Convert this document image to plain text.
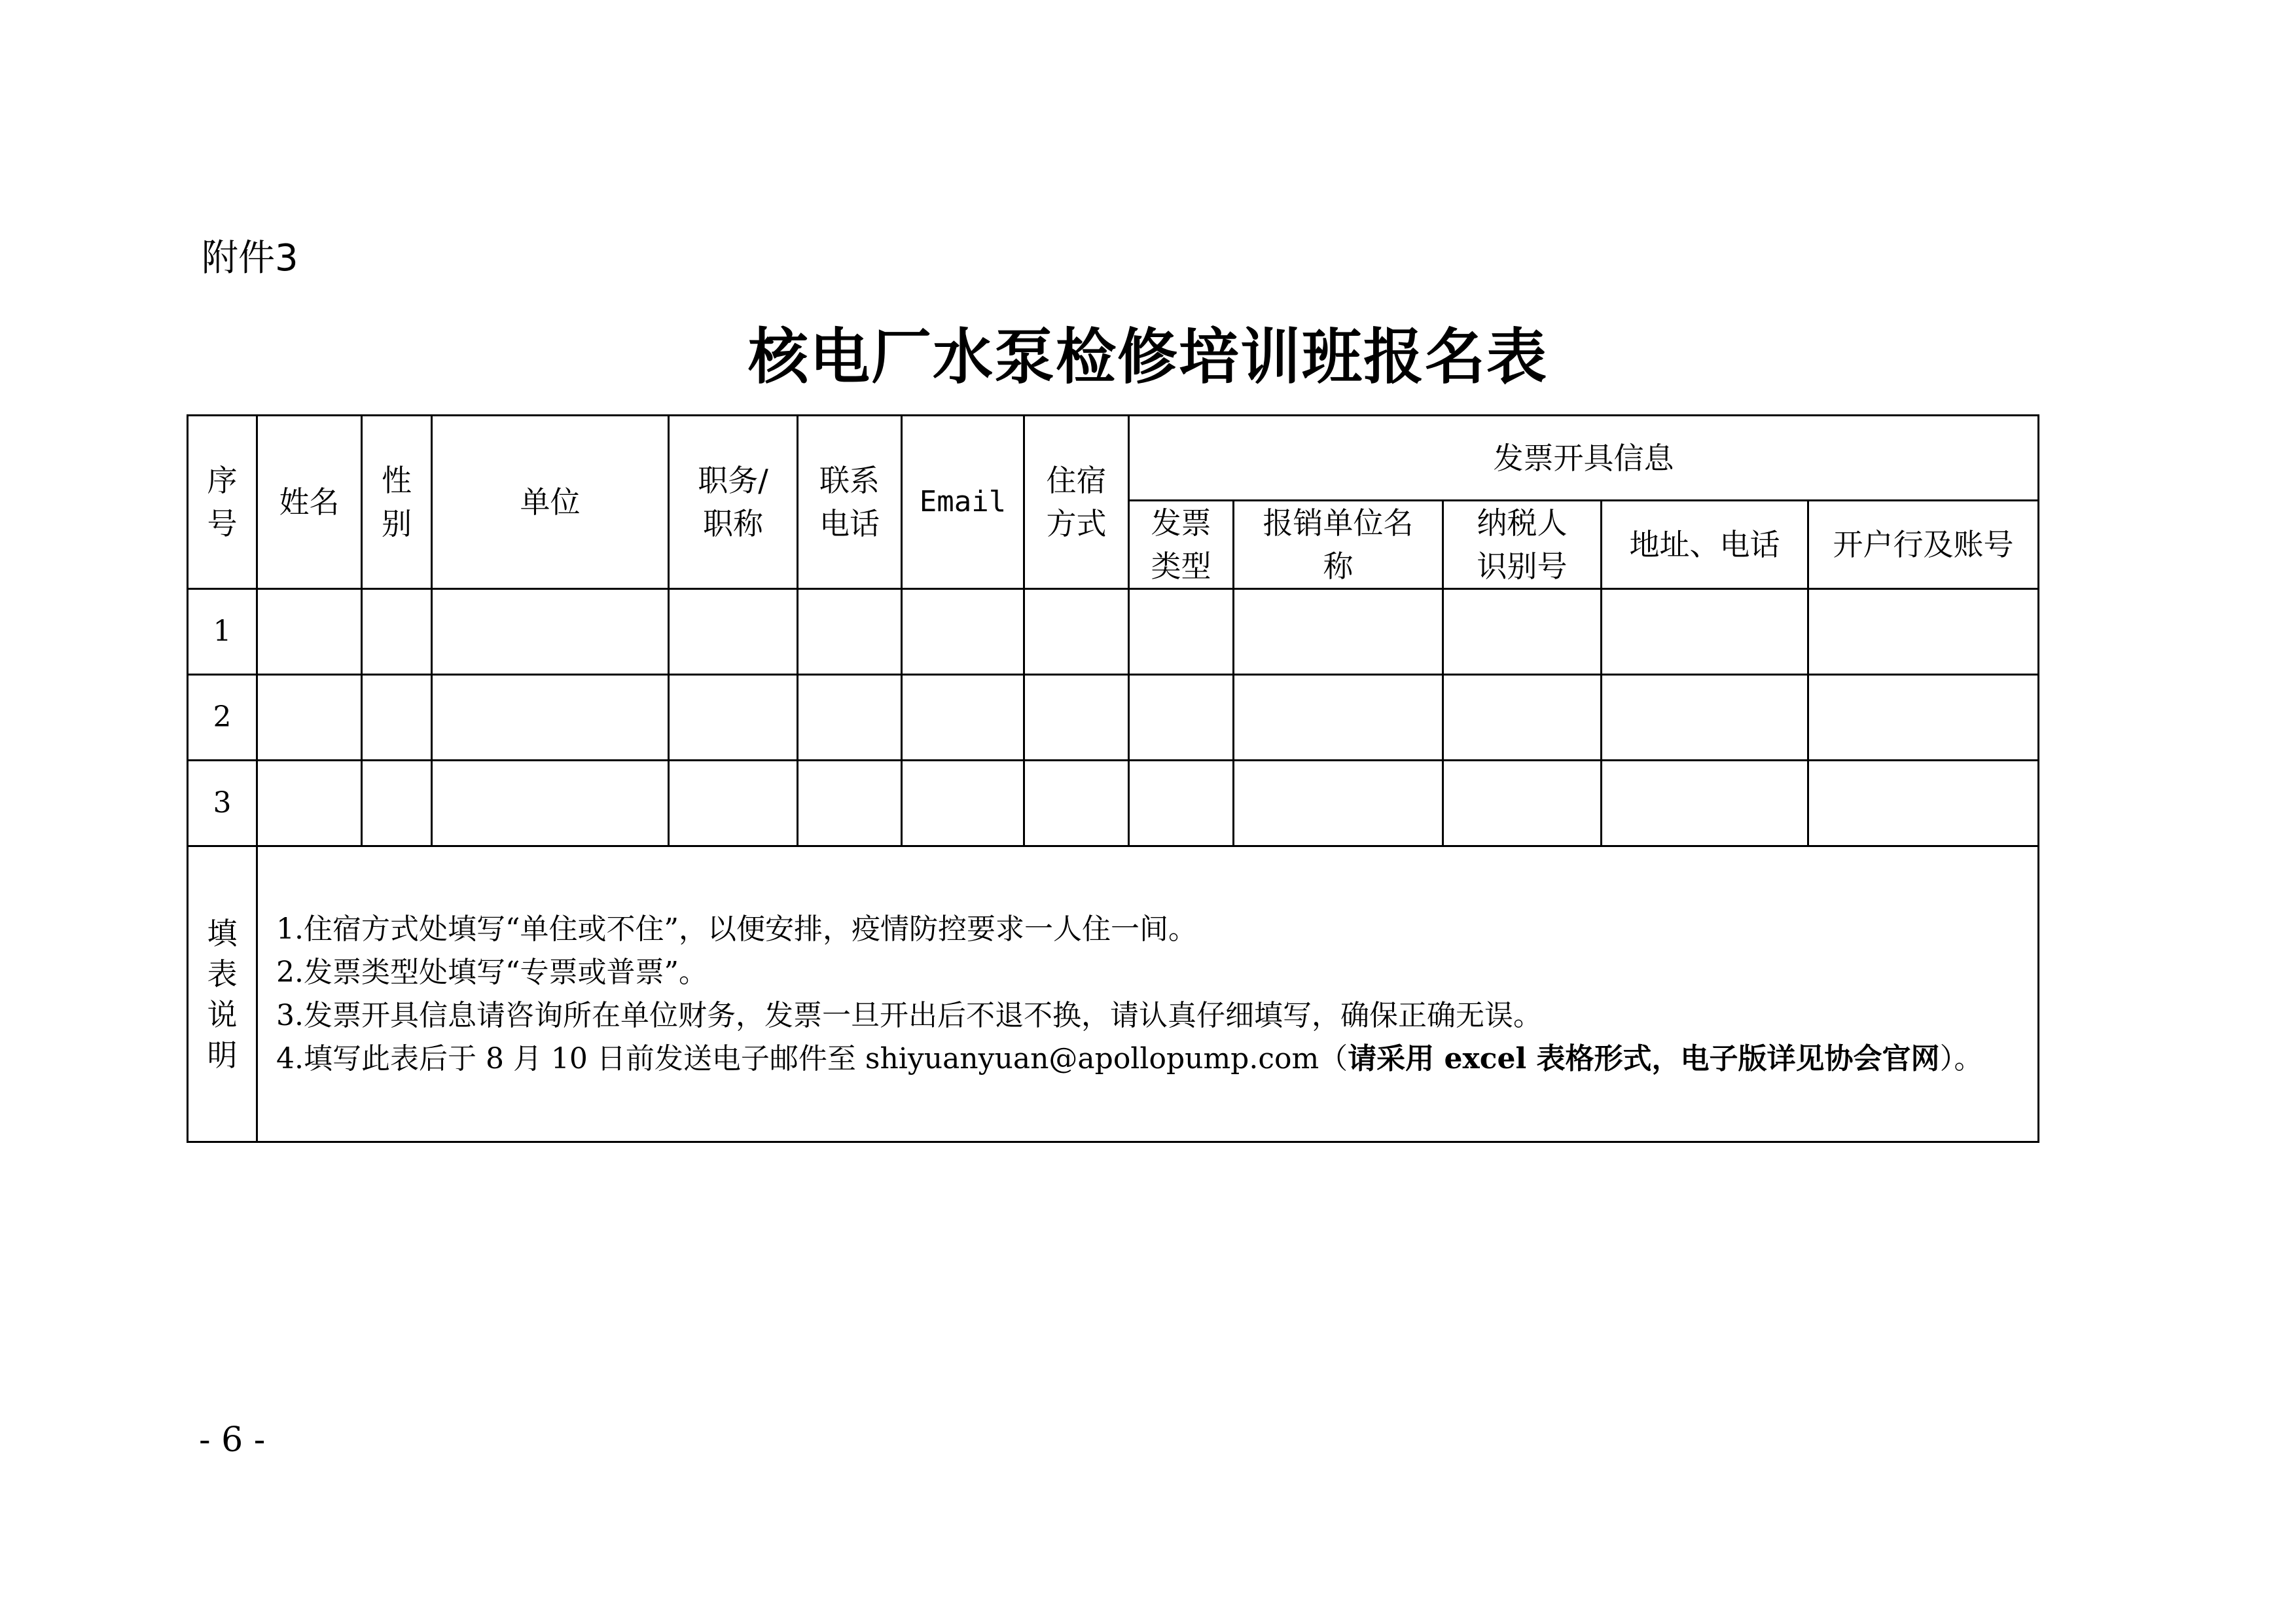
附件3
核电厂水泵检修培训班报名表
序号	姓名	性别	单位	职务/职称	联系电话	Email	住宿方式	发票开具信息				

								发票类型	报销单位名称	纳税人识别号	地址、电话	开户行及账号
1												
2												
3												

填表说明	1.住宿方式处填写“单住或不住”，以便安排，疫情防控要求一人住一间。

2.发票类型处填写“专票或普票”。

3.发票开具信息请咨询所在单位财务，发票一旦开出后不退不换，请认真仔细填写，确保正确无误。

4.填写此表后于 8 月 10 日前发送电子邮件至 shiyuanyuan@apollopump.com（请采用 excel 表格形式，电子版详见协会官网）。											

- 6 -
